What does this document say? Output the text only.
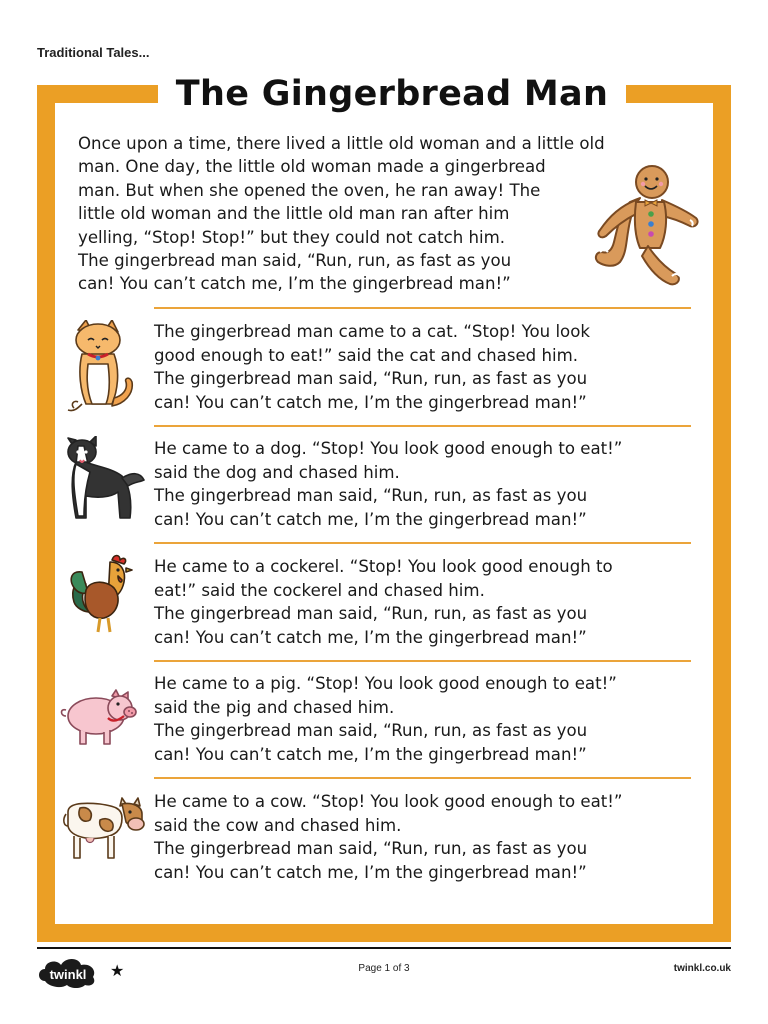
Traditional Tales...
The Gingerbread Man
Once upon a time, there lived a little old woman and a little old
man. One day, the little old woman made a gingerbread
man. But when she opened the oven, he ran away! The
little old woman and the little old man ran after him
yelling, “Stop! Stop!” but they could not catch him.
The gingerbread man said, “Run, run, as fast as you
can! You can’t catch me, I’m the gingerbread man!”
The gingerbread man came to a cat. “Stop! You look
good enough to eat!” said the cat and chased him.
The gingerbread man said, “Run, run, as fast as you
can! You can’t catch me, I’m the gingerbread man!”
He came to a dog. “Stop! You look good enough to eat!”
said the dog and chased him.
The gingerbread man said, “Run, run, as fast as you
can! You can’t catch me, I’m the gingerbread man!”
He came to a cockerel. “Stop! You look good enough to
eat!” said the cockerel and chased him.
The gingerbread man said, “Run, run, as fast as you
can! You can’t catch me, I’m the gingerbread man!”
He came to a pig. “Stop! You look good enough to eat!”
said the pig and chased him.
The gingerbread man said, “Run, run, as fast as you
can! You can’t catch me, I’m the gingerbread man!”
He came to a cow. “Stop! You look good enough to eat!”
said the cow and chased him.
The gingerbread man said, “Run, run, as fast as you
can! You can’t catch me, I’m the gingerbread man!”
twinkl ★	Page 1 of 3	twinkl.co.uk
